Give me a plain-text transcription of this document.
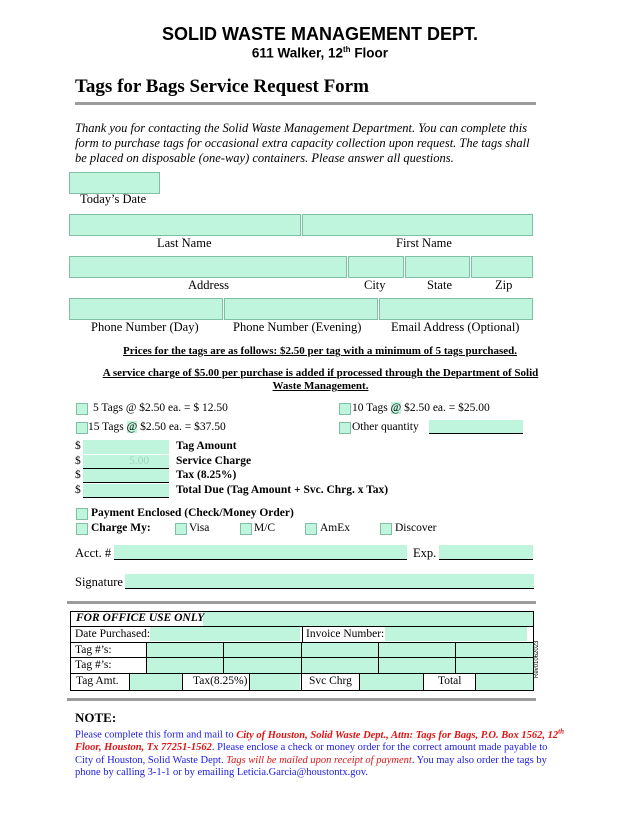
SOLID WASTE MANAGEMENT DEPT.
611 Walker, 12th Floor
Tags for Bags Service Request Form
Thank you for contacting the Solid Waste Management Department. You can complete this form to purchase tags for occasional extra capacity collection upon request. The tags shall be placed on disposable (one-way) containers. Please answer all questions.
Today’s Date
Last Name	First Name
Address	City	State	Zip
Phone Number (Day)	Phone Number (Evening) Email Address (Optional)
Prices for the tags are as follows: $2.50 per tag with a minimum of 5 tags purchased.
A service charge of $5.00 per purchase is added if processed through the Department of Solid Waste Management.
5 Tags @ $2.50 ea. = $ 12.50	10 Tags @ $2.50 ea. = $25.00
15 Tags @ $2.50 ea. = $37.50	Other quantity
$	Tag Amount
$	5.00 Service Charge
$	Tax (8.25%)
$	Total Due (Tag Amount + Svc. Chrg. x Tax)
Payment Enclosed (Check/Money Order)
Charge My:	Visa	M/C	AmEx	Discover
Acct. #	Exp.
Signature
FOR OFFICE USE ONLY
Date Purchased:	Invoice Number:
Tag #’s:
Tag #’s:
Tag Amt.	Tax(8.25%)	Svc Chrg	Total
Rev01062023
NOTE:
Please complete this form and mail to City of Houston, Solid Waste Dept., Attn: Tags for Bags, P.O. Box 1562, 12th Floor, Houston, Tx 77251-1562. Please enclose a check or money order for the correct amount made payable to City of Houston, Solid Waste Dept. Tags will be mailed upon receipt of payment. You may also order the tags by phone by calling 3-1-1 or by emailing Leticia.Garcia@houstontx.gov.
